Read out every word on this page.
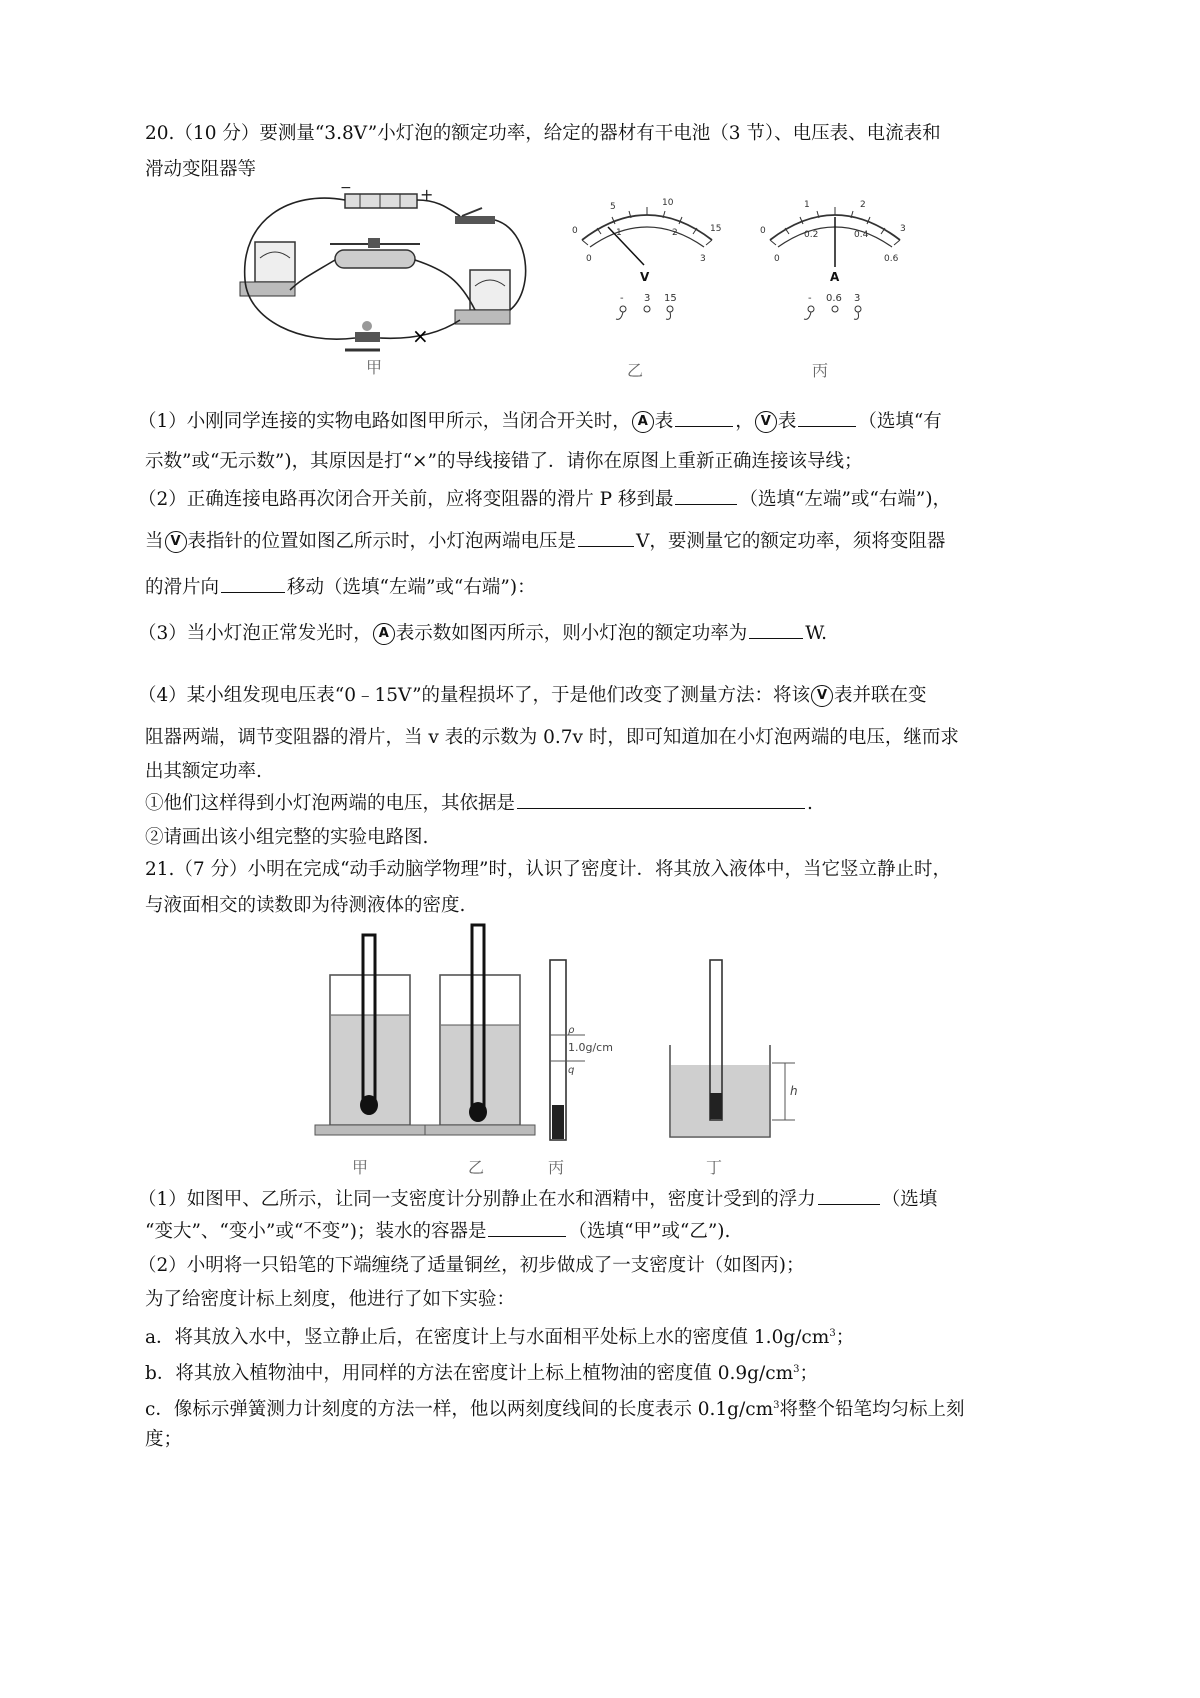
20.（10 分）要测量“3.8V”小灯泡的额定功率，给定的器材有干电池（3 节）、电压表、电流表和
滑动变阻器等
−	+
×
甲
0
5	10
15
0
1	2
3
V
- 3 15
乙
0
1	2
3
0
0.2	0.4
0.6
A
- 0.6 3
丙
（1）小刚同学连接的实物电路如图甲所示，当闭合开关时， A 表	， V 表	（选填“有
示数”或“无示数”)，其原因是打“×”的导线接错了．请你在原图上重新正确连接该导线；
（2）正确连接电路再次闭合开关前，应将变阻器的滑片 P 移到最	（选填“左端”或“右端”)，
当 V 表指针的位置如图乙所示时，小灯泡两端电压是	V，要测量它的额定功率，须将变阻器
的滑片向	移动（选填“左端”或“右端”)：
（3）当小灯泡正常发光时， A 表示数如图丙所示，则小灯泡的额定功率为	W.
（4）某小组发现电压表“0﹣15V”的量程损坏了，于是他们改变了测量方法：将该 V 表并联在变
阻器两端，调节变阻器的滑片，当 v 表的示数为 0.7v 时，即可知道加在小灯泡两端的电压，继而求
出其额定功率.
①他们这样得到小灯泡两端的电压，其依据是	.
②请画出该小组完整的实验电路图.
21.（7 分）小明在完成“动手动脑学物理”时，认识了密度计．将其放入液体中，当它竖立静止时，
与液面相交的读数即为待测液体的密度.
ρ
1.0g/cm
q
h
甲	乙	丙	丁
（1）如图甲、乙所示，让同一支密度计分别静止在水和酒精中，密度计受到的浮力	（选填
“变大”、“变小”或“不变”)；装水的容器是	（选填“甲”或“乙”).
（2）小明将一只铅笔的下端缠绕了适量铜丝，初步做成了一支密度计（如图丙)；
为了给密度计标上刻度，他进行了如下实验：
a．将其放入水中，竖立静止后，在密度计上与水面相平处标上水的密度值 $1.0g/cm^3$；
b．将其放入植物油中，用同样的方法在密度计上标上植物油的密度值 $0.9g/cm^3$；
c．像标示弹簧测力计刻度的方法一样，他以两刻度线间的长度表示 $0.1g/cm^3$将整个铅笔均匀标上刻
度；
